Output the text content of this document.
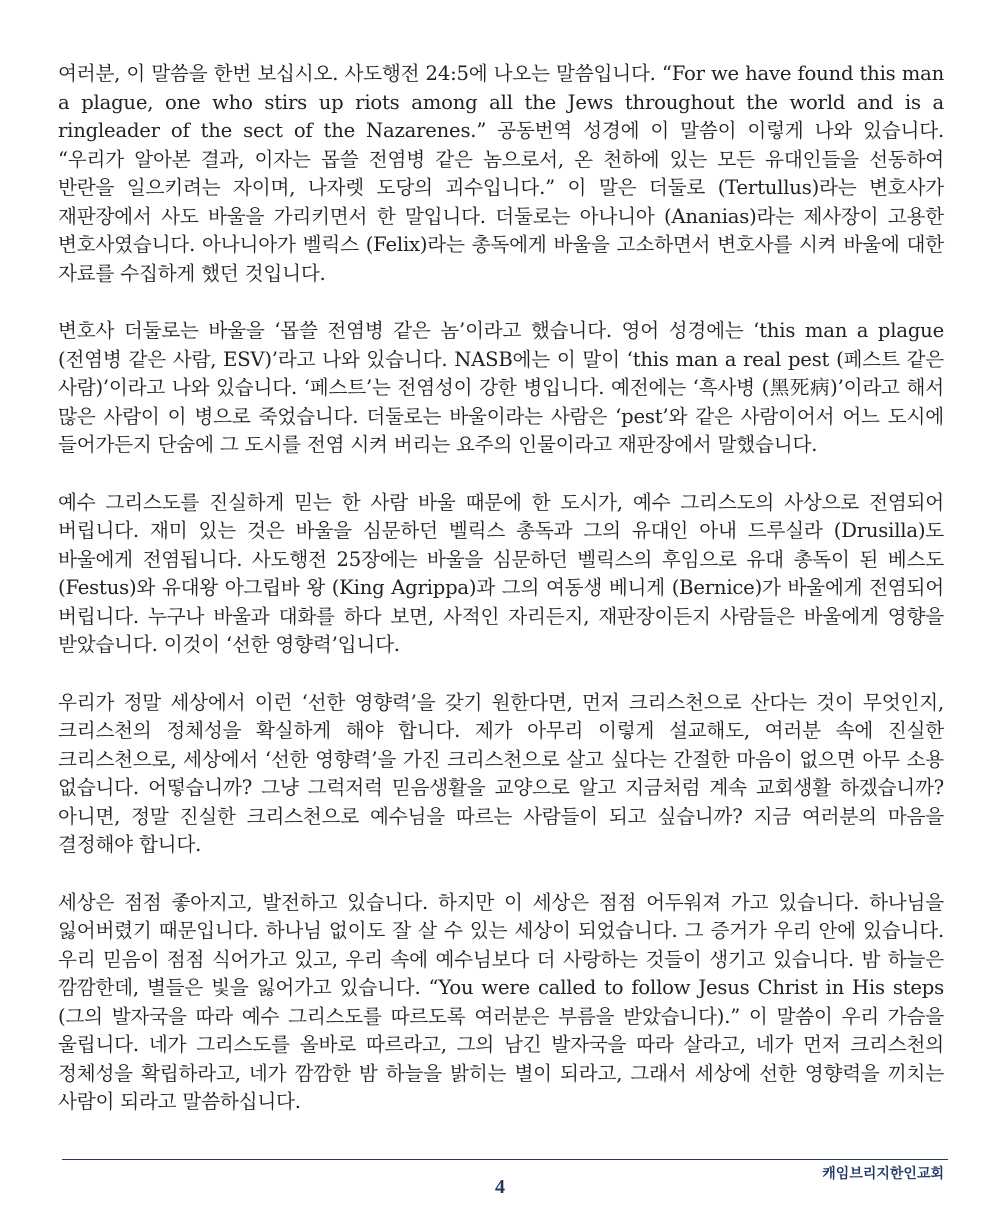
여러분, 이 말씀을 한번 보십시오. 사도행전 24:5에 나오는 말씀입니다. “For we have found this man a plague, one who stirs up riots among all the Jews throughout the world and is a ringleader of the sect of the Nazarenes.” 공동번역 성경에 이 말씀이 이렇게 나와 있습니다. “우리가 알아본 결과, 이자는 몹쓸 전염병 같은 놈으로서, 온 천하에 있는 모든 유대인들을 선동하여 반란을 일으키려는 자이며, 나자렛 도당의 괴수입니다.” 이 말은 더둘로 (Tertullus)라는 변호사가 재판장에서 사도 바울을 가리키면서 한 말입니다. 더둘로는 아나니아 (Ananias)라는 제사장이 고용한 변호사였습니다. 아나니아가 벨릭스 (Felix)라는 총독에게 바울을 고소하면서 변호사를 시켜 바울에 대한 자료를 수집하게 했던 것입니다.

변호사 더둘로는 바울을 ‘몹쓸 전염병 같은 놈’이라고 했습니다. 영어 성경에는 ‘this man a plague (전염병 같은 사람, ESV)’라고 나와 있습니다. NASB에는 이 말이 ‘this man a real pest (페스트 같은 사람)’이라고 나와 있습니다. ‘페스트’는 전염성이 강한 병입니다. 예전에는 ‘흑사병 (黑死病)’이라고 해서 많은 사람이 이 병으로 죽었습니다. 더둘로는 바울이라는 사람은 ‘pest’와 같은 사람이어서 어느 도시에 들어가든지 단숨에 그 도시를 전염 시켜 버리는 요주의 인물이라고 재판장에서 말했습니다.

예수 그리스도를 진실하게 믿는 한 사람 바울 때문에 한 도시가, 예수 그리스도의 사상으로 전염되어 버립니다. 재미 있는 것은 바울을 심문하던 벨릭스 총독과 그의 유대인 아내 드루실라 (Drusilla)도 바울에게 전염됩니다. 사도행전 25장에는 바울을 심문하던 벨릭스의 후임으로 유대 총독이 된 베스도 (Festus)와 유대왕 아그립바 왕 (King Agrippa)과 그의 여동생 베니게 (Bernice)가 바울에게 전염되어 버립니다. 누구나 바울과 대화를 하다 보면, 사적인 자리든지, 재판장이든지 사람들은 바울에게 영향을 받았습니다. 이것이 ‘선한 영향력’입니다.

우리가 정말 세상에서 이런 ‘선한 영향력’을 갖기 원한다면, 먼저 크리스천으로 산다는 것이 무엇인지, 크리스천의 정체성을 확실하게 해야 합니다. 제가 아무리 이렇게 설교해도, 여러분 속에 진실한 크리스천으로, 세상에서 ‘선한 영향력’을 가진 크리스천으로 살고 싶다는 간절한 마음이 없으면 아무 소용 없습니다. 어떻습니까? 그냥 그럭저럭 믿음생활을 교양으로 알고 지금처럼 계속 교회생활 하겠습니까? 아니면, 정말 진실한 크리스천으로 예수님을 따르는 사람들이 되고 싶습니까? 지금 여러분의 마음을 결정해야 합니다.

세상은 점점 좋아지고, 발전하고 있습니다. 하지만 이 세상은 점점 어두워져 가고 있습니다. 하나님을 잃어버렸기 때문입니다. 하나님 없이도 잘 살 수 있는 세상이 되었습니다. 그 증거가 우리 안에 있습니다. 우리 믿음이 점점 식어가고 있고, 우리 속에 예수님보다 더 사랑하는 것들이 생기고 있습니다. 밤 하늘은 깜깜한데, 별들은 빛을 잃어가고 있습니다. “You were called to follow Jesus Christ in His steps (그의 발자국을 따라 예수 그리스도를 따르도록 여러분은 부름을 받았습니다).” 이 말씀이 우리 가슴을 울립니다. 네가 그리스도를 올바로 따르라고, 그의 남긴 발자국을 따라 살라고, 네가 먼저 크리스천의 정체성을 확립하라고, 네가 깜깜한 밤 하늘을 밝히는 별이 되라고, 그래서 세상에 선한 영향력을 끼치는 사람이 되라고 말씀하십니다.

캐임브리지한인교회
4
